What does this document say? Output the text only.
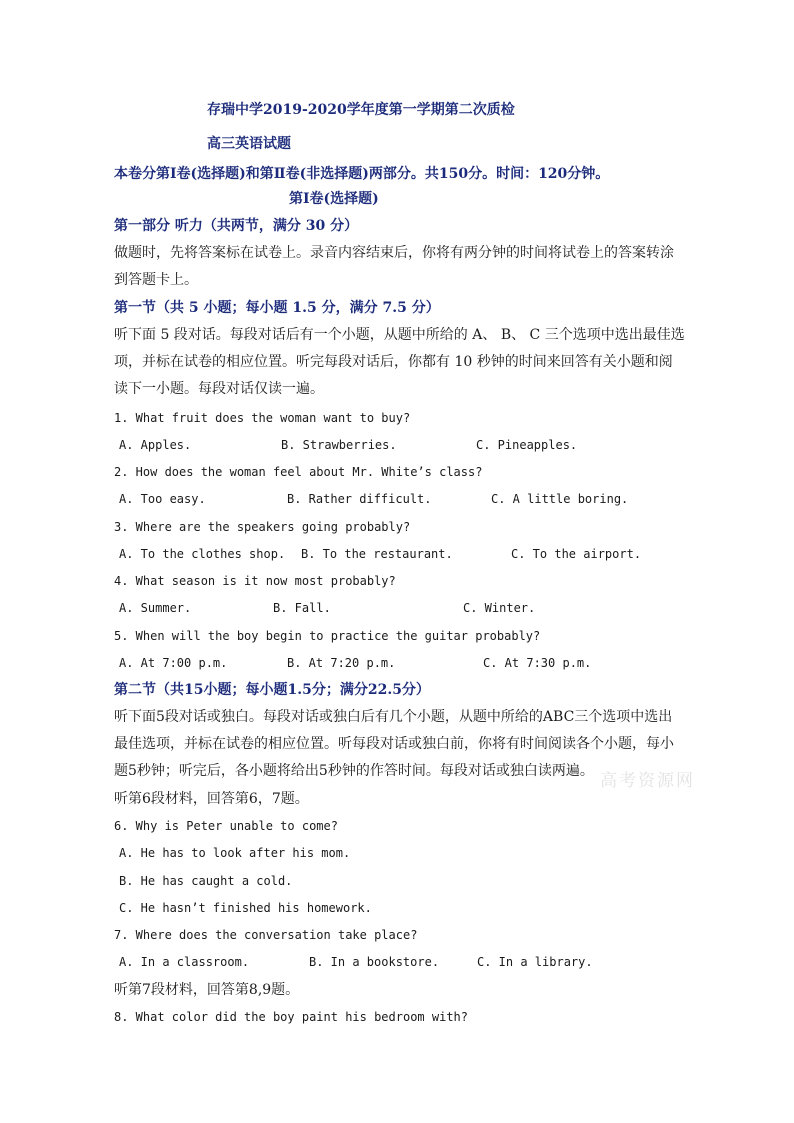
存瑞中学2019-2020学年度第一学期第二次质检
高三英语试题
本卷分第Ⅰ卷(选择题)和第Ⅱ卷(非选择题)两部分。共150分。时间：120分钟。
第Ⅰ卷(选择题)
第一部分 听力（共两节，满分 30 分）
做题时，先将答案标在试卷上。录音内容结束后，你将有两分钟的时间将试卷上的答案转涂
到答题卡上。
第一节（共 5 小题；每小题 1.5 分，满分 7.5 分）
听下面 5 段对话。每段对话后有一个小题，从题中所给的 A、 B、 C 三个选项中选出最佳选
项，并标在试卷的相应位置。听完每段对话后，你都有 10 秒钟的时间来回答有关小题和阅
读下一小题。每段对话仅读一遍。
1. What fruit does the woman want to buy?
A. Apples.	B. Strawberries.	C. Pineapples.
2. How does the woman feel about Mr. White’s class?
A. Too easy.	B. Rather difficult.	C. A little boring.
3. Where are the speakers going probably?
A. To the clothes shop. B. To the restaurant.	C. To the airport.
4. What season is it now most probably?
A. Summer.	B. Fall.	C. Winter.
5. When will the boy begin to practice the guitar probably?
A. At 7:00 p.m.	B. At 7:20 p.m.	C. At 7:30 p.m.
第二节（共15小题；每小题1.5分；满分22.5分）
听下面5段对话或独白。每段对话或独白后有几个小题，从题中所给的ABC三个选项中选出
最佳选项，并标在试卷的相应位置。听每段对话或独白前，你将有时间阅读各个小题，每小
题5秒钟；听完后，各小题将给出5秒钟的作答时间。每段对话或独白读两遍。 高考资源网
听第6段材料，回答第6，7题。
6. Why is Peter unable to come?
A. He has to look after his mom.
B. He has caught a cold.
C. He hasn’t finished his homework.
7. Where does the conversation take place?
A. In a classroom.	B. In a bookstore.	C. In a library.
听第7段材料，回答第8,9题。
8. What color did the boy paint his bedroom with?
